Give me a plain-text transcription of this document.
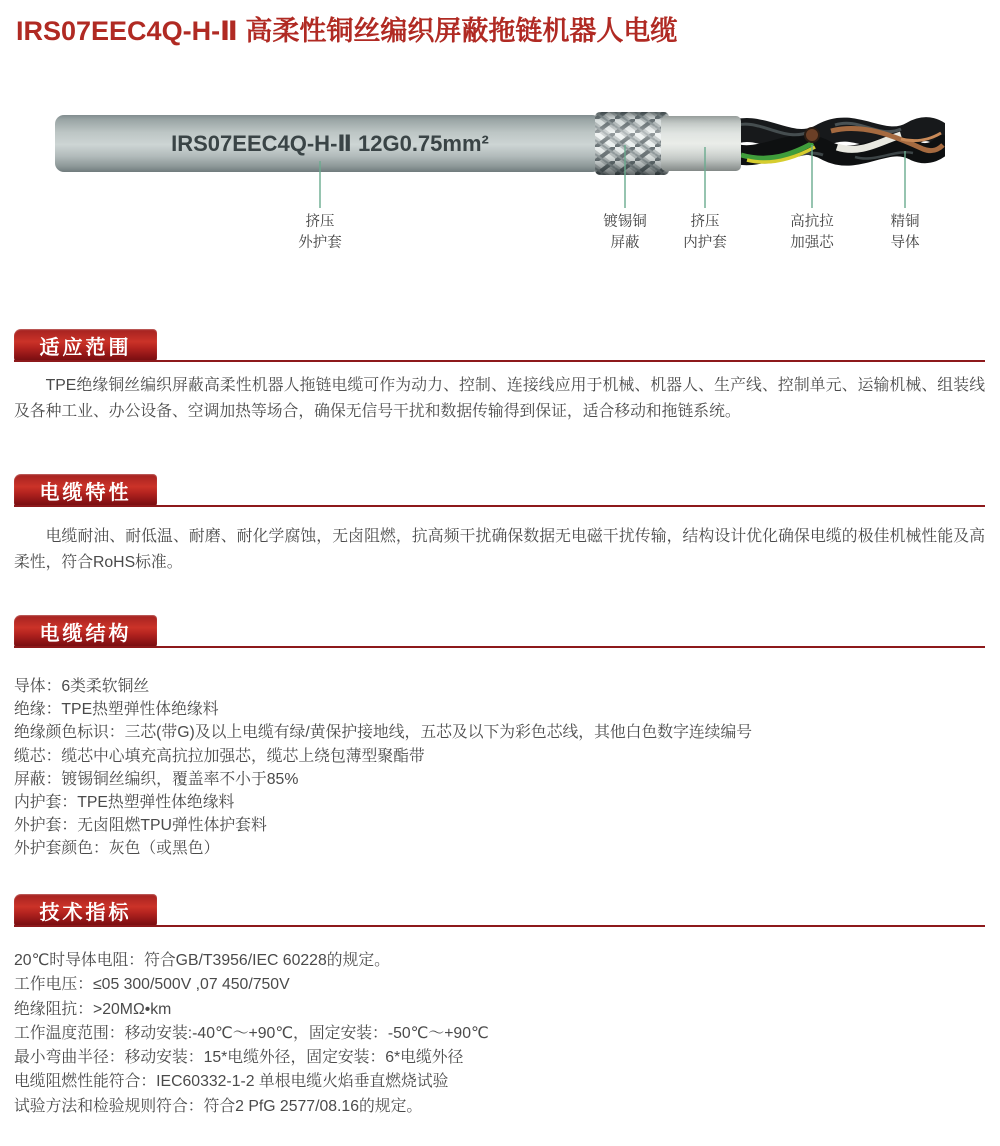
IRS07EEC4Q-H-Ⅱ 高柔性铜丝编织屏蔽拖链机器人电缆
IRS07EEC4Q-H-Ⅱ 12G0.75mm²
挤压
外护套
镀锡铜
屏蔽
挤压
内护套
高抗拉
加强芯
精铜
导体
适应范围

TPE绝缘铜丝编织屏蔽高柔性机器人拖链电缆可作为动力、控制、连接线应用于机械、机器人、生产线、控制单元、运输机械、组装线及各种工业、办公设备、空调加热等场合，确保无信号干扰和数据传输得到保证，适合移动和拖链系统。

电缆特性

电缆耐油、耐低温、耐磨、耐化学腐蚀，无卤阻燃，抗高频干扰确保数据无电磁干扰传输，结构设计优化确保电缆的极佳机械性能及高柔性，符合RoHS标准。

电缆结构
导体：6类柔软铜丝
绝缘：TPE热塑弹性体绝缘料
绝缘颜色标识：三芯(带G)及以上电缆有绿/黄保护接地线，五芯及以下为彩色芯线，其他白色数字连续编号
缆芯：缆芯中心填充高抗拉加强芯，缆芯上绕包薄型聚酯带
屏蔽：镀锡铜丝编织，覆盖率不小于85%
内护套：TPE热塑弹性体绝缘料
外护套：无卤阻燃TPU弹性体护套料
外护套颜色：灰色（或黑色）
技术指标
20℃时导体电阻：符合GB/T3956/IEC 60228的规定。
工作电压：≤05 300/500V ,07 450/750V
绝缘阻抗：>20MΩ•km
工作温度范围：移动安装:-40℃～+90℃，固定安装：-50℃～+90℃
最小弯曲半径：移动安装：15*电缆外径，固定安装：6*电缆外径
电缆阻燃性能符合：IEC60332-1-2 单根电缆火焰垂直燃烧试验
试验方法和检验规则符合：符合2 PfG 2577/08.16的规定。
